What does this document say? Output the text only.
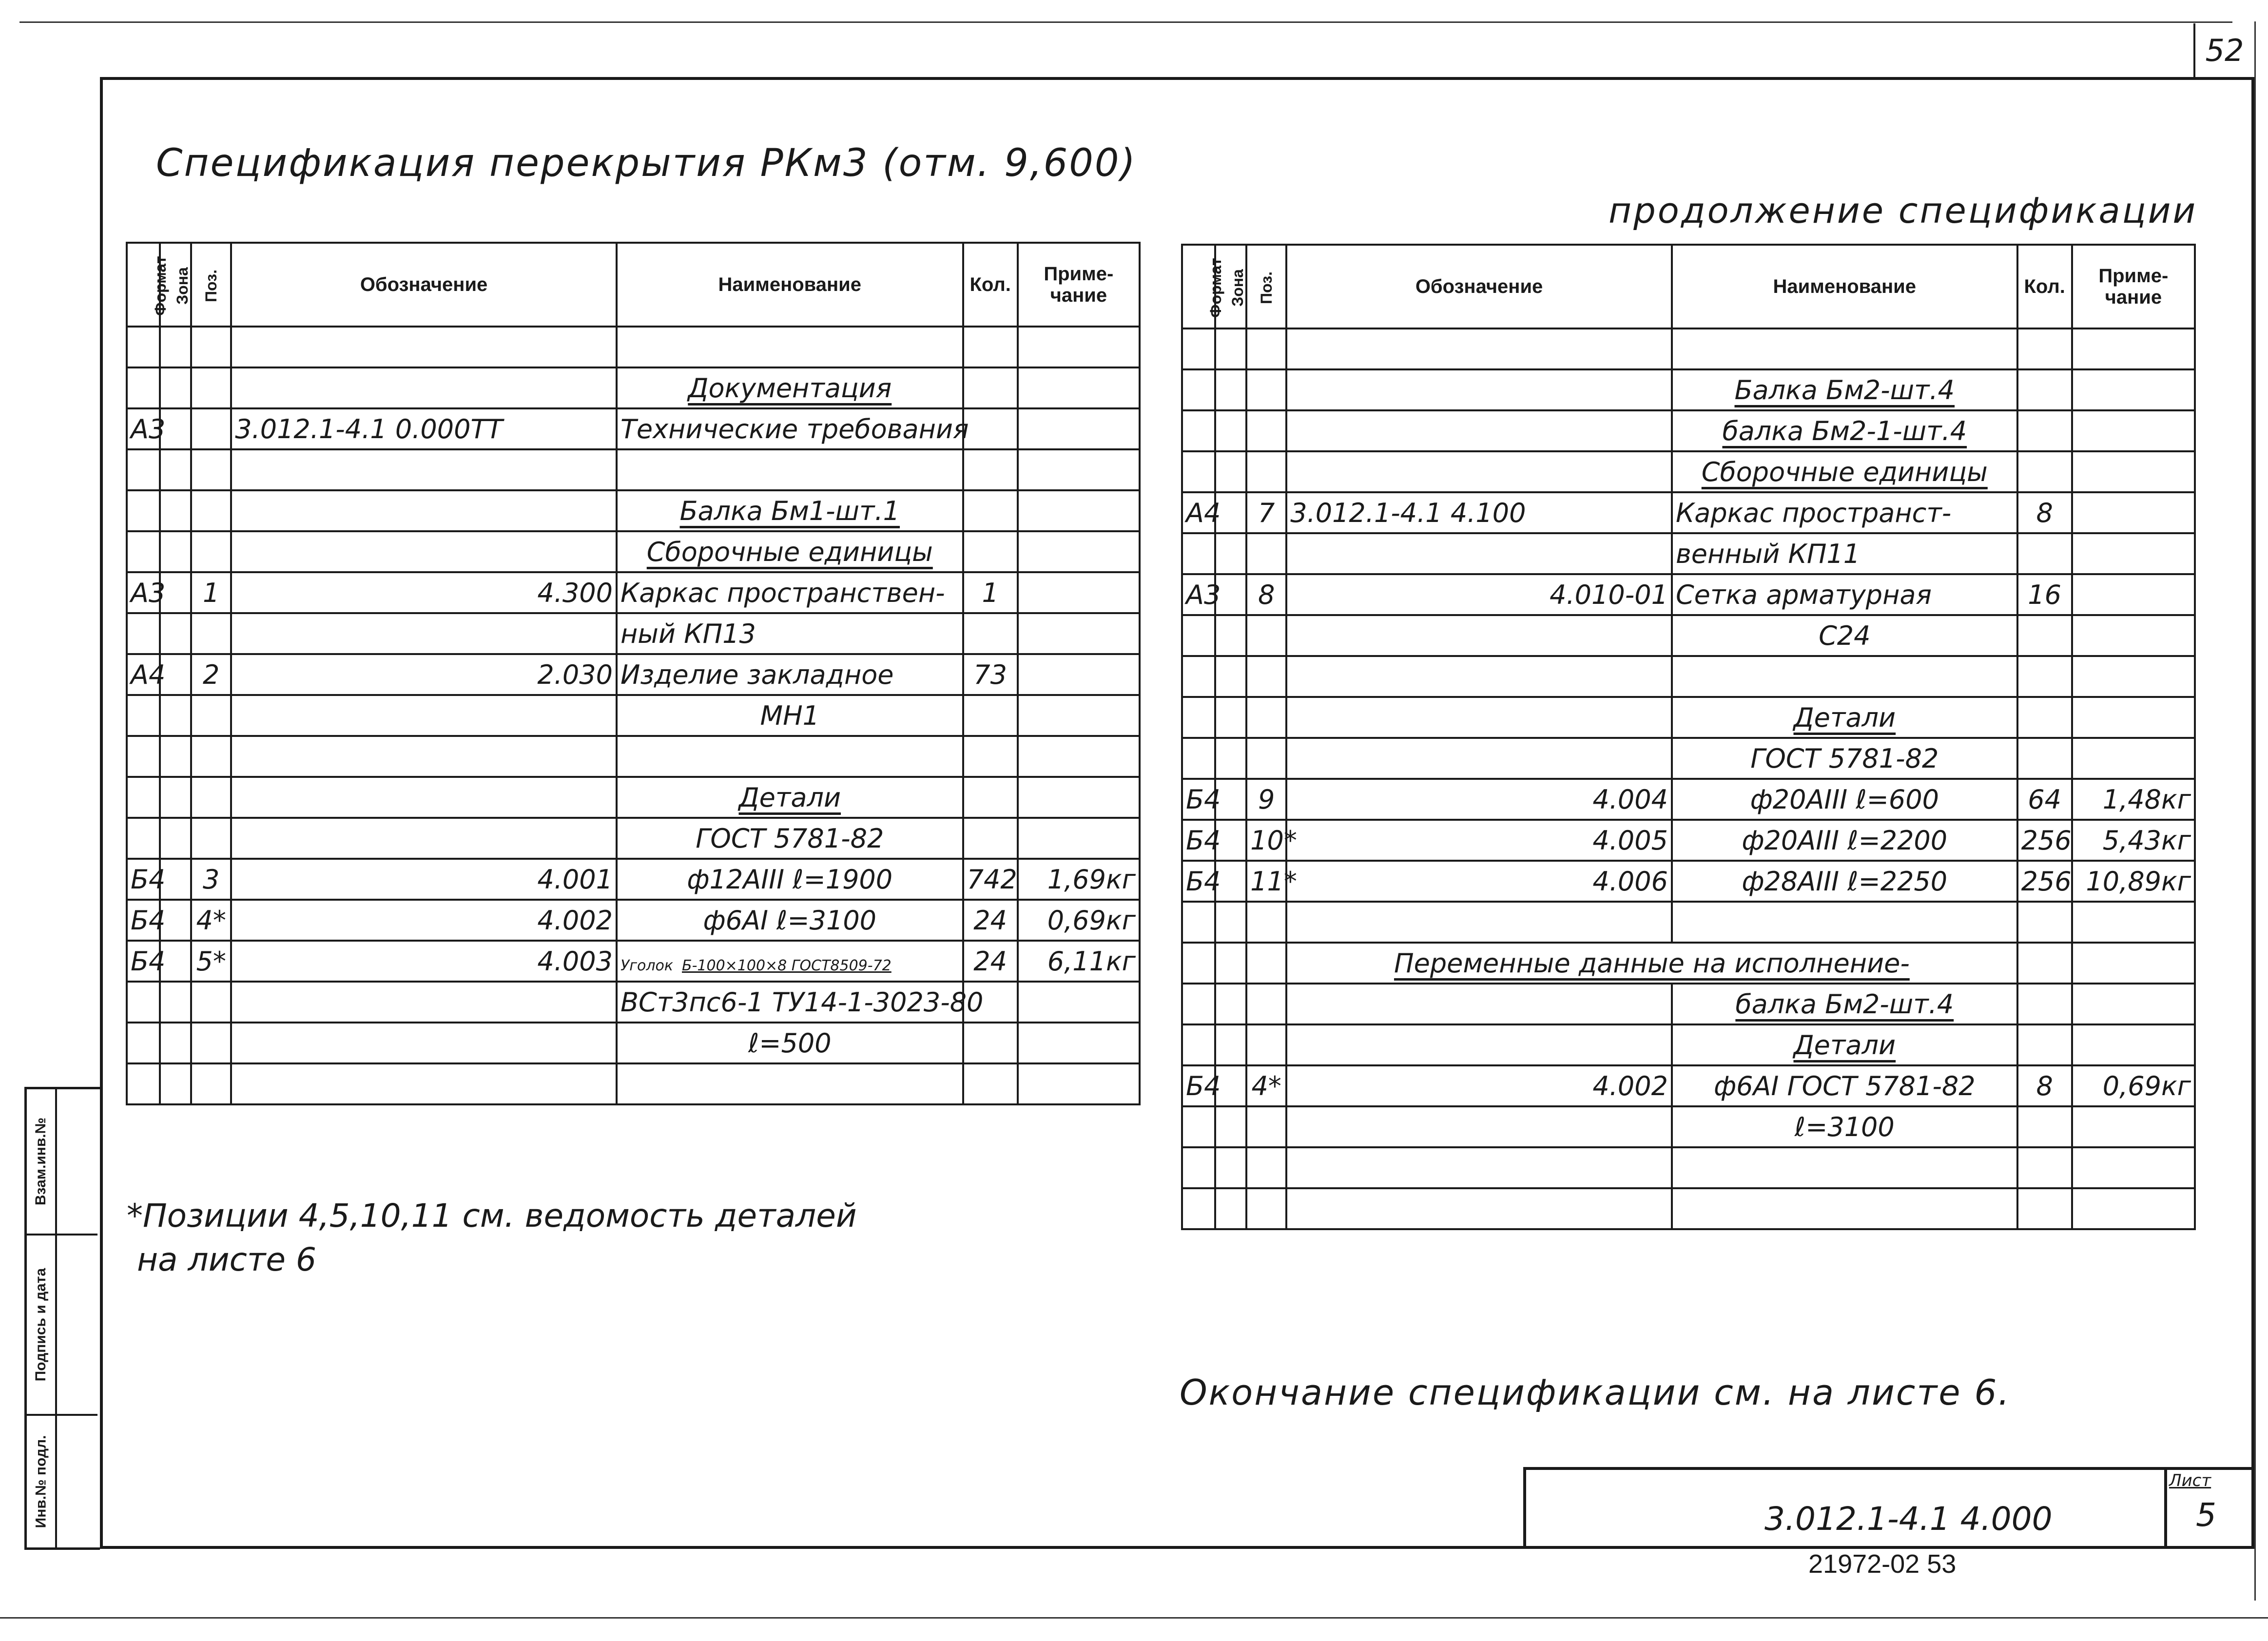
52
Взам.инв.№
Подпись и дата
Инв.№ подл.
Спецификация перекрытия РКм3 (отм. 9,600)
продолжение спецификации
Формат	Зона	Поз.	Обозначение	Наименование	Кол.	Приме-чание

				Документация		
А3			3.012.1-4.1 0.000ТТ	Технические требования		

				Балка Бм1-шт.1		
				Сборочные единицы		
А3		1	4.300	Каркас пространствен-	1	
				ный КП13		
А4		2	2.030	Изделие закладное	73	
				МН1		

				Детали		
				ГОСТ 5781-82		
Б4		3	4.001	ф12АIII ℓ=1900	742	1,69кг
Б4		4*	4.002	ф6АI ℓ=3100	24	0,69кг
Б4		5*	4.003	Уголок Б-100×100×8 ГОСТ8509-72	24	6,11кг
				ВСт3пс6-1 ТУ14-1-3023-80		
				ℓ=500		

Формат	Зона	Поз.	Обозначение	Наименование	Кол.	Приме-чание

				Балка Бм2-шт.4		
				балка Бм2-1-шт.4		
				Сборочные единицы		
А4		7	3.012.1-4.1 4.100	Каркас пространст-	8	
				венный КП11		
А3		8	4.010-01	Сетка арматурная	16	
				С24		

				Детали		
				ГОСТ 5781-82		
Б4		9	4.004	ф20АIII ℓ=600	64	1,48кг
Б4		10*	4.005	ф20АIII ℓ=2200	256	5,43кг
Б4		11*	4.006	ф28АIII ℓ=2250	256	10,89кг

			Переменные данные на исполнение-			
				балка Бм2-шт.4		
				Детали		
Б4		4*	4.002	ф6АI ГОСТ 5781-82	8	0,69кг
				ℓ=3100		

*Позиции 4,5,10,11 см. ведомость деталей
на листе 6
Окончание спецификации см. на листе 6.
3.012.1-4.1 4.000
Лист
5
21972-02 53
